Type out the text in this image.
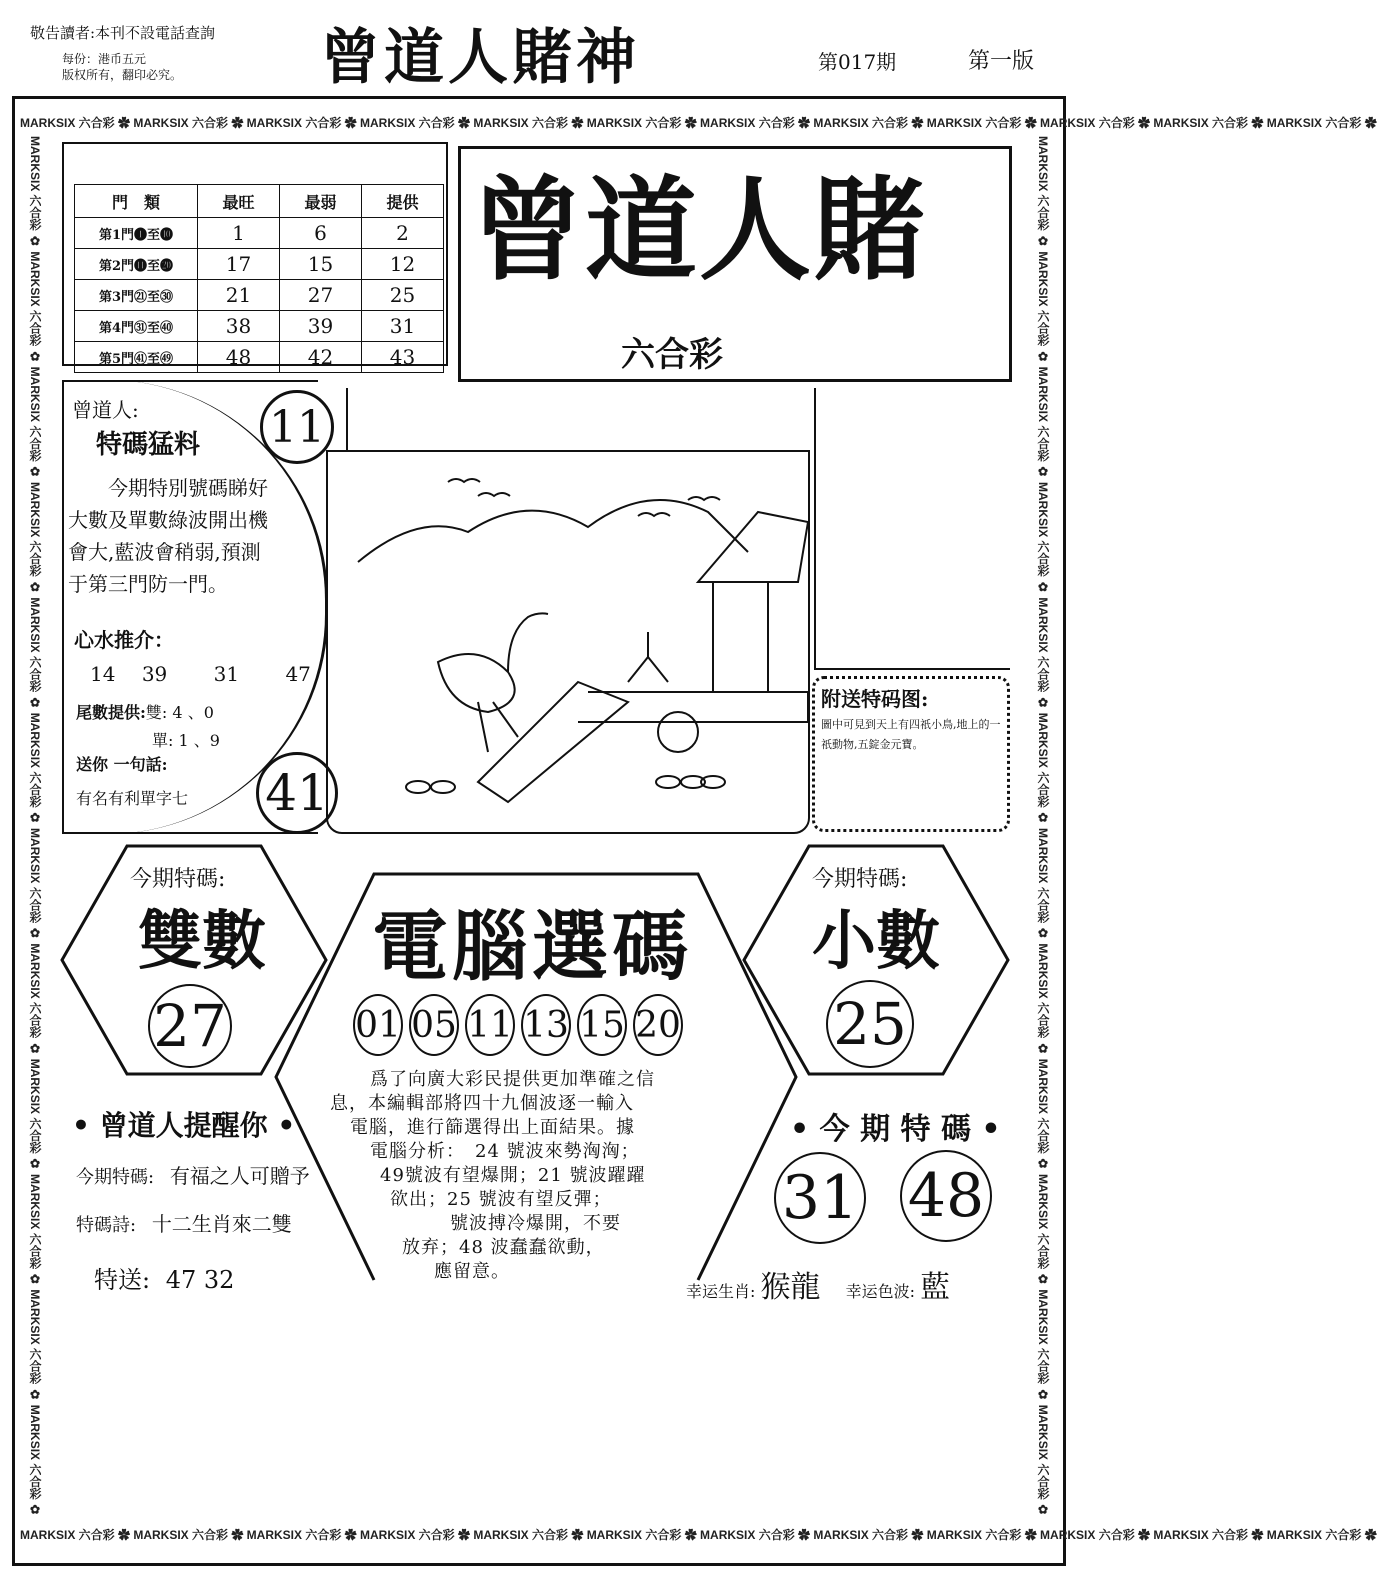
敬告讀者:本刊不設電話查詢
每份：港币五元
版权所有，翻印必究。 曾道人賭神	第017期	第一版
MARKSIX 六合彩 ✿ MARKSIX 六合彩 ✿ MARKSIX 六合彩 ✿ MARKSIX 六合彩 ✿ MARKSIX 六合彩 ✿ MARKSIX 六合彩 ✿ MARKSIX 六合彩 ✿ MARKSIX 六合彩 ✿ MARKSIX 六合彩 ✿ MARKSIX 六合彩 ✿ MARKSIX 六合彩 ✿ MARKSIX 六合彩 ✿
MARKSIX 六合彩 ✿ MARKSIX 六合彩 ✿ MARKSIX 六合彩 ✿ MARKSIX 六合彩 ✿ MARKSIX 六合彩 ✿ MARKSIX 六合彩 ✿ MARKSIX 六合彩 ✿ MARKSIX 六合彩 ✿ MARKSIX 六合彩 ✿ MARKSIX 六合彩 ✿ MARKSIX 六合彩 ✿ MARKSIX 六合彩 ✿
MARKSIX 六合彩 ✿ MARKSIX 六合彩 ✿ MARKSIX 六合彩 ✿ MARKSIX 六合彩 ✿ MARKSIX 六合彩 ✿ MARKSIX 六合彩 ✿ MARKSIX 六合彩 ✿ MARKSIX 六合彩 ✿ MARKSIX 六合彩 ✿ MARKSIX 六合彩 ✿ MARKSIX 六合彩 ✿ MARKSIX 六合彩 ✿	MARKSIX 六合彩 ✿ MARKSIX 六合彩 ✿ MARKSIX 六合彩 ✿ MARKSIX 六合彩 ✿ MARKSIX 六合彩 ✿ MARKSIX 六合彩 ✿ MARKSIX 六合彩 ✿ MARKSIX 六合彩 ✿ MARKSIX 六合彩 ✿ MARKSIX 六合彩 ✿ MARKSIX 六合彩 ✿ MARKSIX 六合彩 ✿
門　類	最旺	最弱	提供
第1門❶至❿	1	6	2
第2門⓫至⓴	17	15	12
第3門㉑至㉚	21	27	25
第4門㉛至㊵	38	39	31
第5門㊶至㊾	48	42	43
曾道人賭
六合彩
曾道人:
特碼猛料 11

今期特別號碼睇好

大數及單數綠波開出機

會大,藍波會稍弱,預測

于第三門防一門。

心水推介：
14 39 31 47
尾數提供:雙: 4 、0
單: 1 、9
送你 一句話:
有名有利單字七 41
附送特码图:
圖中可見到天上有四祇小鳥,地上的一祇動物,五錠金元寶。
今期特碼:
雙數
27
今期特碼:
小數
25
電腦選碼
01 05 11 13 15 20

爲了向廣大彩民提供更加準確之信

息，本編輯部將四十九個波逐一輸入

電腦，進行篩選得出上面結果。據

電腦分析：　24 號波來勢洶洶；

49號波有望爆開；21 號波躍躍

欲出；25 號波有望反彈；

號波搏冷爆開，不要

放弃；48 波蠢蠢欲動，

應留意。

• 曾道人提醒你 •
今期特碼: 有福之人可贈予
特碼詩: 十二生肖來二雙
特送: 47 32
• 今 期 特 碼 •
31 48
幸运生肖: 猴龍 幸运色波: 藍
